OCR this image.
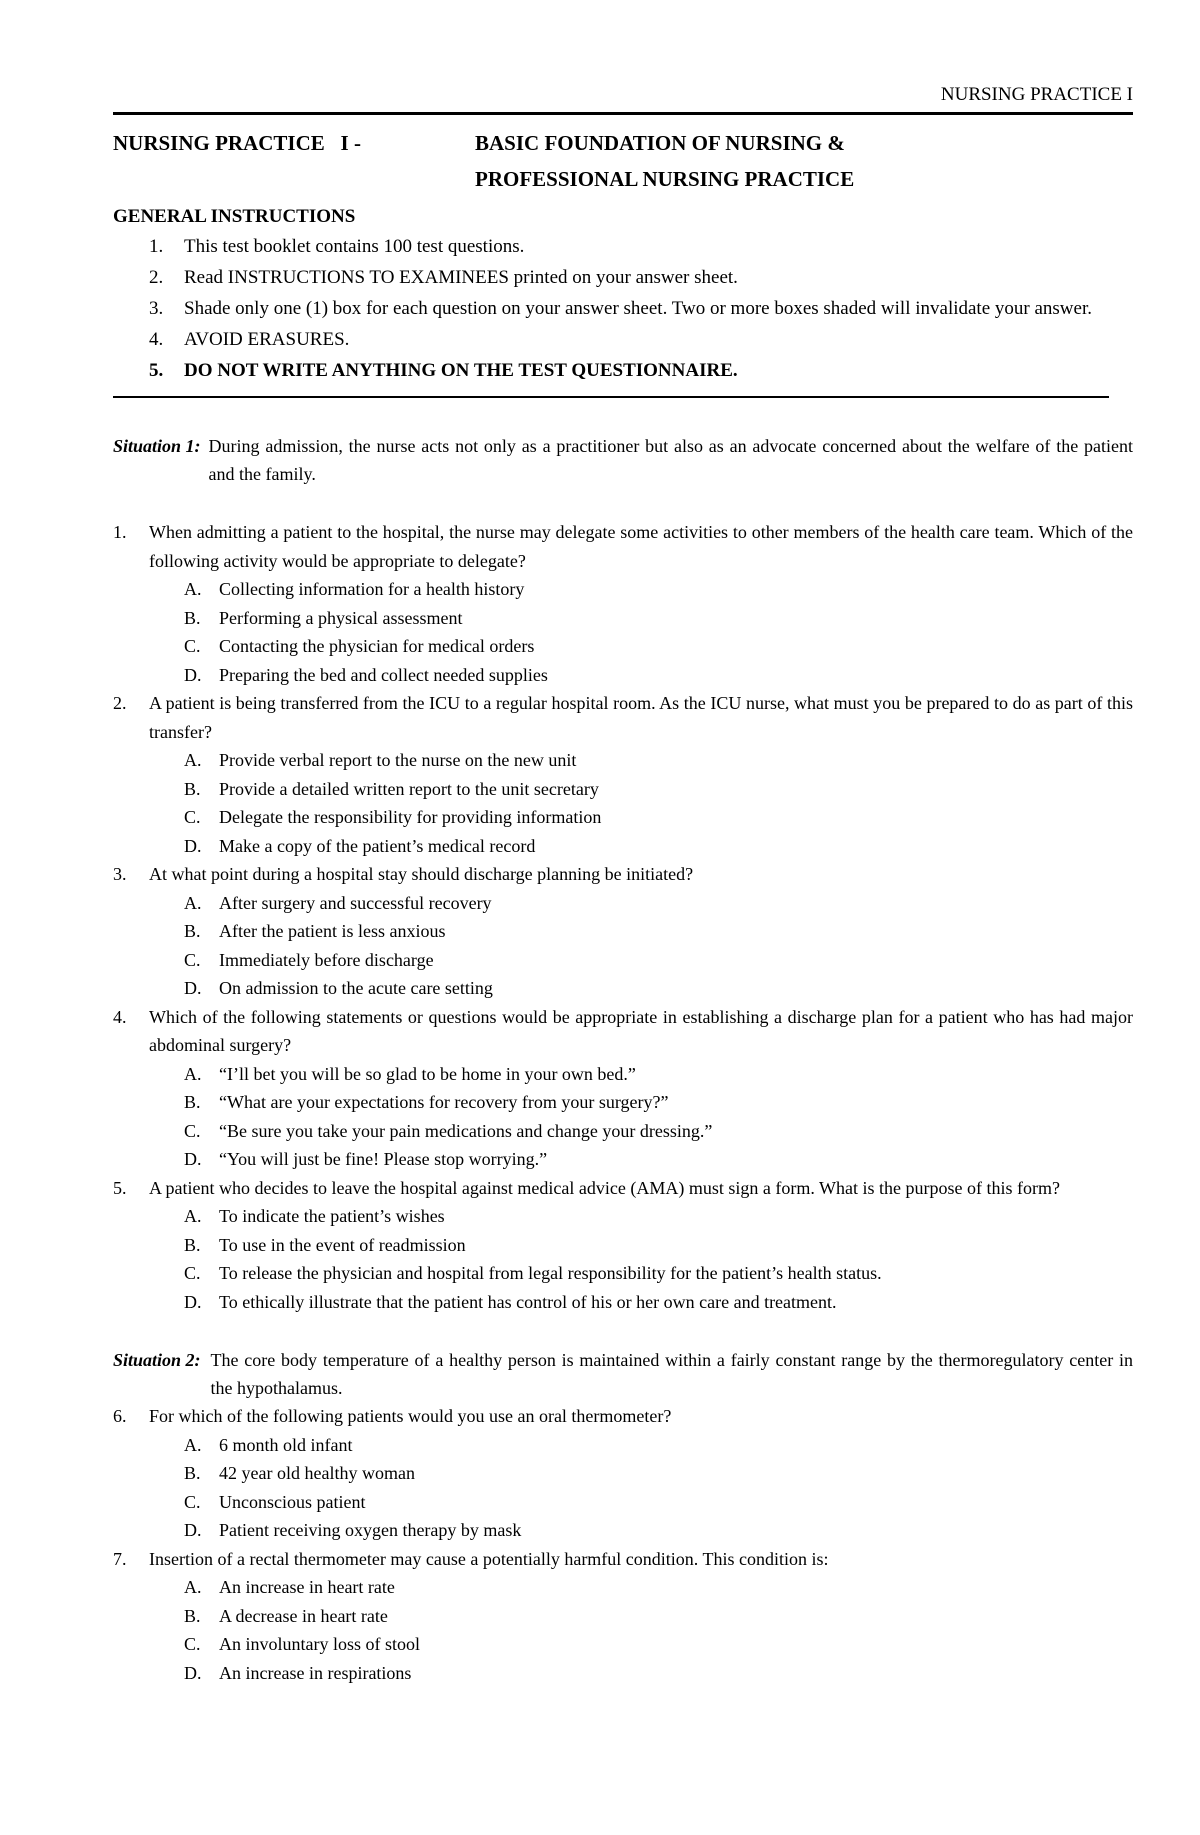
NURSING PRACTICE I
NURSING PRACTICE   I -	BASIC FOUNDATION OF NURSING &
PROFESSIONAL NURSING PRACTICE
GENERAL INSTRUCTIONS
1.	This test booklet contains 100 test questions.
2.	Read INSTRUCTIONS TO EXAMINEES printed on your answer sheet.
3.	Shade only one (1) box for each question on your answer sheet. Two or more boxes shaded will invalidate your answer.
4.	AVOID ERASURES.
5.	DO NOT WRITE ANYTHING ON THE TEST QUESTIONNAIRE.
Situation 1: During admission, the nurse acts not only as a practitioner but also as an advocate concerned about the welfare of the patient and the family.
1.	When admitting a patient to the hospital, the nurse may delegate some activities to other members of the health care team. Which of the following activity would be appropriate to delegate?
A. Collecting information for a health history
B.	Performing a physical assessment
C.	Contacting the physician for medical orders
D. Preparing the bed and collect needed supplies
2.	A patient is being transferred from the ICU to a regular hospital room. As the ICU nurse, what must you be prepared to do as part of this transfer?
A. Provide verbal report to the nurse on the new unit
B.	Provide a detailed written report to the unit secretary
C.	Delegate the responsibility for providing information
D. Make a copy of the patient’s medical record
3.	At what point during a hospital stay should discharge planning be initiated?
A. After surgery and successful recovery
B.	After the patient is less anxious
C.	Immediately before discharge
D. On admission to the acute care setting
4.	Which of the following statements or questions would be appropriate in establishing a discharge plan for a patient who has had major abdominal surgery?
A. “I’ll bet you will be so glad to be home in your own bed.”
B.	“What are your expectations for recovery from your surgery?”
C.	“Be sure you take your pain medications and change your dressing.”
D. “You will just be fine! Please stop worrying.”
5.	A patient who decides to leave the hospital against medical advice (AMA) must sign a form. What is the purpose of this form?
A. To indicate the patient’s wishes
B.	To use in the event of readmission
C.	To release the physician and hospital from legal responsibility for the patient’s health status.
D. To ethically illustrate that the patient has control of his or her own care and treatment.
Situation 2: The core body temperature of a healthy person is maintained within a fairly constant range by the thermoregulatory center in the hypothalamus.
6.	For which of the following patients would you use an oral thermometer?
A. 6 month old infant
B.	42 year old healthy woman
C.	Unconscious patient
D. Patient receiving oxygen therapy by mask
7.	Insertion of a rectal thermometer may cause a potentially harmful condition. This condition is:
A. An increase in heart rate
B.	A decrease in heart rate
C.	An involuntary loss of stool
D. An increase in respirations
